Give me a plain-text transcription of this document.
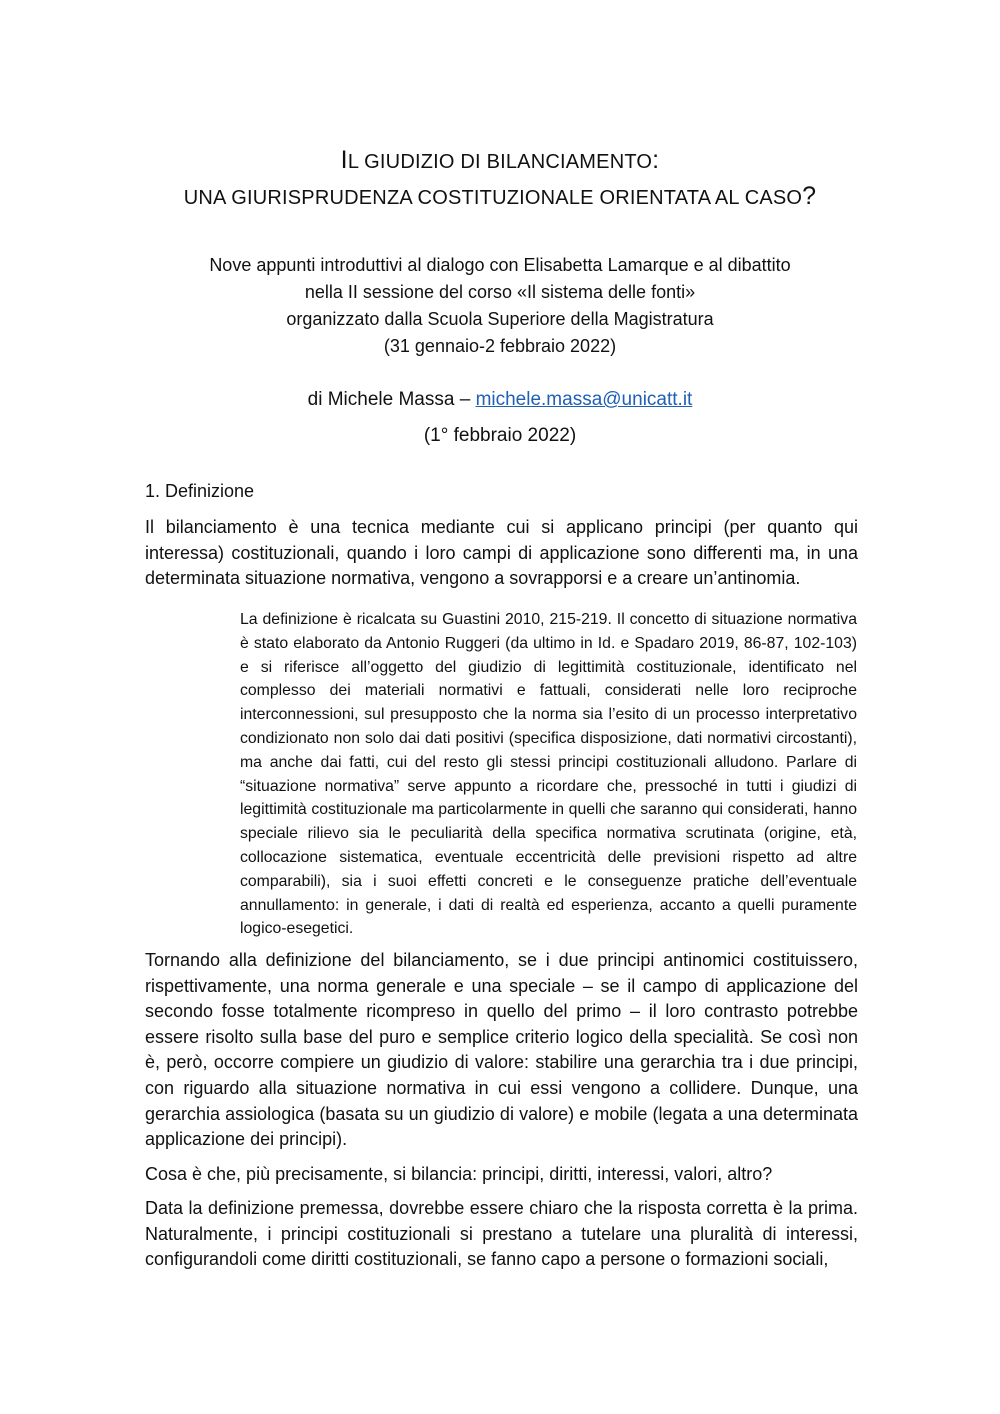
IL GIUDIZIO DI BILANCIAMENTO:
UNA GIURISPRUDENZA COSTITUZIONALE ORIENTATA AL CASO?
Nove appunti introduttivi al dialogo con Elisabetta Lamarque e al dibattito
nella II sessione del corso «Il sistema delle fonti»
organizzato dalla Scuola Superiore della Magistratura
(31 gennaio-2 febbraio 2022)
di Michele Massa – michele.massa@unicatt.it
(1° febbraio 2022)
1. Definizione

Il bilanciamento è una tecnica mediante cui si applicano principi (per quanto qui interessa) costituzionali, quando i loro campi di applicazione sono differenti ma, in una determinata situazione normativa, vengono a sovrapporsi e a creare un’antinomia.

La definizione è ricalcata su Guastini 2010, 215-219. Il concetto di situazione normativa è stato elaborato da Antonio Ruggeri (da ultimo in Id. e Spadaro 2019, 86-87, 102-103) e si riferisce all’oggetto del giudizio di legittimità costituzionale, identificato nel complesso dei materiali normativi e fattuali, considerati nelle loro reciproche interconnessioni, sul presupposto che la norma sia l’esito di un processo interpretativo condizionato non solo dai dati positivi (specifica disposizione, dati normativi circostanti), ma anche dai fatti, cui del resto gli stessi principi costituzionali alludono. Parlare di “situazione normativa” serve appunto a ricordare che, pressoché in tutti i giudizi di legittimità costituzionale ma particolarmente in quelli che saranno qui considerati, hanno speciale rilievo sia le peculiarità della specifica normativa scrutinata (origine, età, collocazione sistematica, eventuale eccentricità delle previsioni rispetto ad altre comparabili), sia i suoi effetti concreti e le conseguenze pratiche dell’eventuale annullamento: in generale, i dati di realtà ed esperienza, accanto a quelli puramente logico-esegetici.

Tornando alla definizione del bilanciamento, se i due principi antinomici costituissero, rispettivamente, una norma generale e una speciale – se il campo di applicazione del secondo fosse totalmente ricompreso in quello del primo – il loro contrasto potrebbe essere risolto sulla base del puro e semplice criterio logico della specialità. Se così non è, però, occorre compiere un giudizio di valore: stabilire una gerarchia tra i due principi, con riguardo alla situazione normativa in cui essi vengono a collidere. Dunque, una gerarchia assiologica (basata su un giudizio di valore) e mobile (legata a una determinata applicazione dei principi).

Cosa è che, più precisamente, si bilancia: principi, diritti, interessi, valori, altro?

Data la definizione premessa, dovrebbe essere chiaro che la risposta corretta è la prima. Naturalmente, i principi costituzionali si prestano a tutelare una pluralità di interessi, configurandoli come diritti costituzionali, se fanno capo a persone o formazioni sociali,
